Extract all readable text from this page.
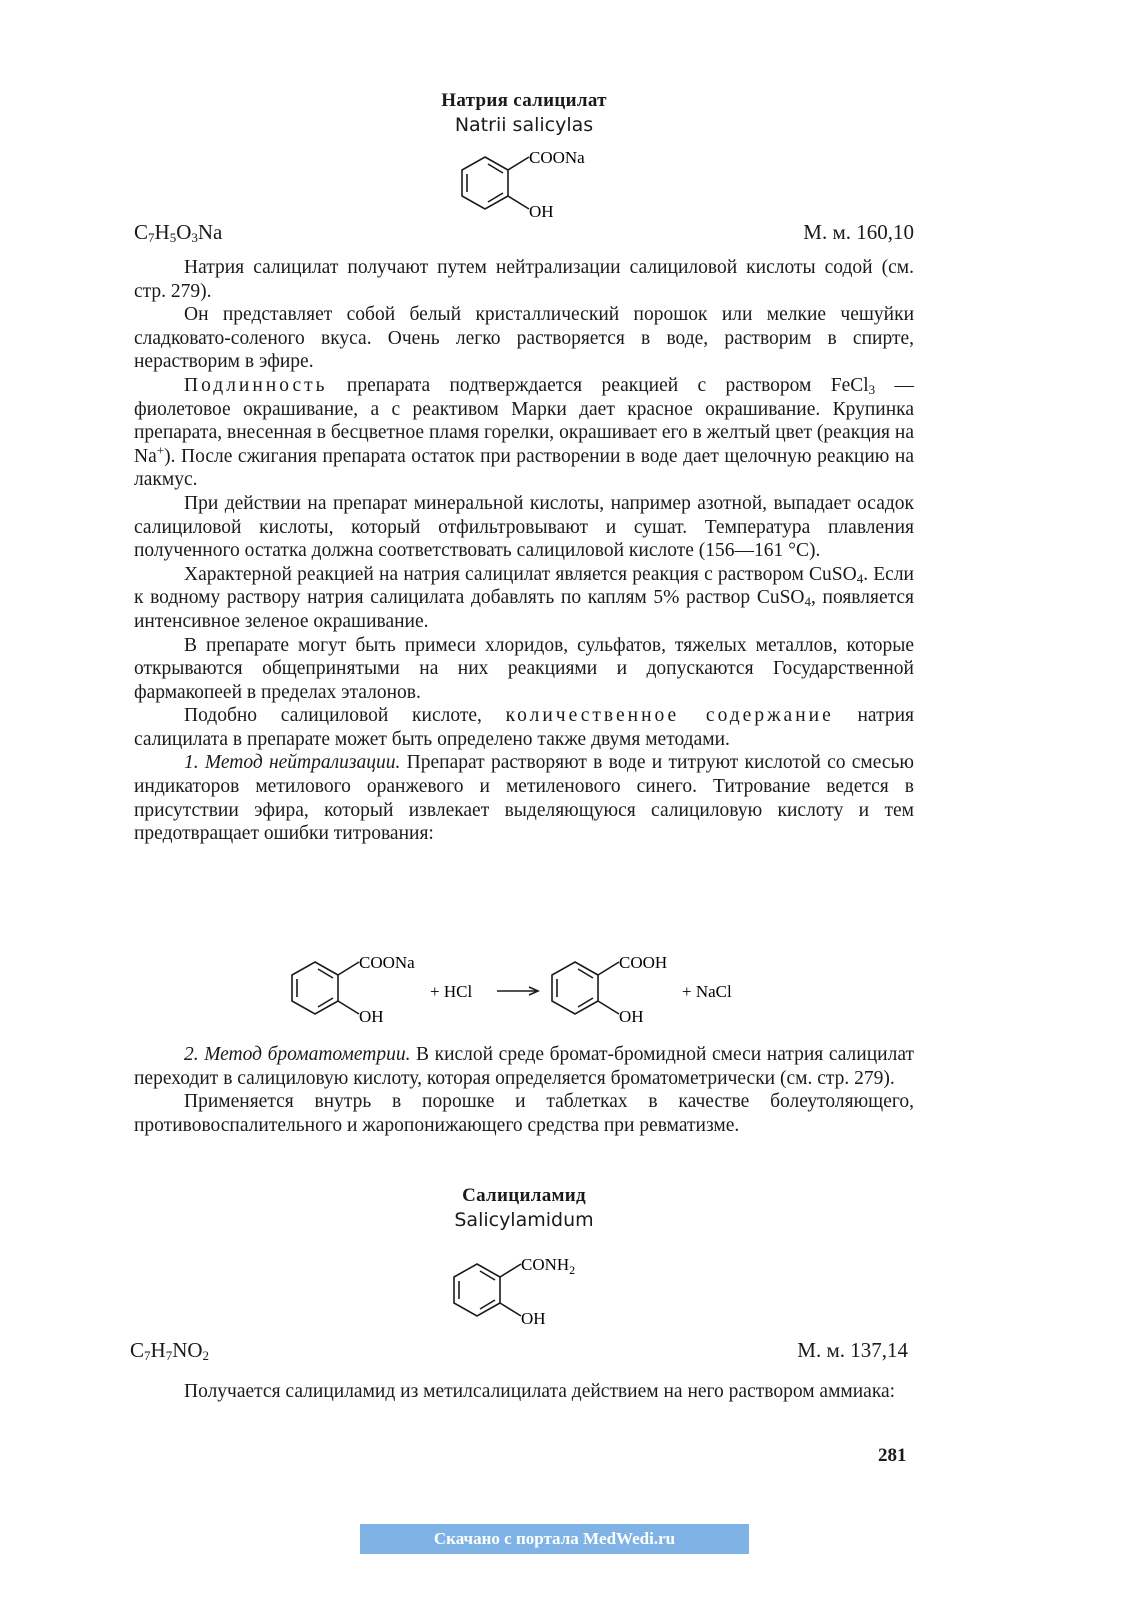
Натрия салицилат
Natrii salicylas
COONa
OH
$C_7H_5O_3Na$	М. м. 160,10

Натрия салицилат получают путем нейтрализации салициловой кислоты содой (см. стр. 279).

Он представляет собой белый кристаллический порошок или мелкие чешуйки сладковато-соленого вкуса. Очень легко растворяется в воде, растворим в спирте, нерастворим в эфире.

Подлинность препарата подтверждается реакцией с раствором FeCl$_3$ — фиолетовое окрашивание, а с реактивом Марки дает красное окрашивание. Крупинка препарата, внесенная в бесцветное пламя горелки, окрашивает его в желтый цвет (реакция на Na+). После сжигания препарата остаток при растворении в воде дает щелочную реакцию на лакмус.

При действии на препарат минеральной кислоты, например азотной, выпадает осадок салициловой кислоты, который отфильтровывают и сушат. Температура плавления полученного остатка должна соответствовать салициловой кислоте (156—161 °С).

Характерной реакцией на натрия салицилат является реакция с раствором CuSO$_4$. Если к водному раствору натрия салицилата добавлять по каплям 5% раствор CuSO$_4$, появляется интенсивное зеленое окрашивание.

В препарате могут быть примеси хлоридов, сульфатов, тяжелых металлов, которые открываются общепринятыми на них реакциями и допускаются Государственной фармакопеей в пределах эталонов.

Подобно салициловой кислоте, количественное содержание натрия салицилата в препарате может быть определено также двумя методами.

1. Метод нейтрализации. Препарат растворяют в воде и титруют кислотой со смесью индикаторов метилового оранжевого и метиленового синего. Титрование ведется в присутствии эфира, который извлекает выделяющуюся салициловую кислоту и тем предотвращает ошибки титрования:

COONa
OH
+ HCl
COOH
OH
+ NaCl

2. Метод броматометрии. В кислой среде бромат-бромидной смеси натрия салицилат переходит в салициловую кислоту, которая определяется броматометрически (см. стр. 279).

Применяется внутрь в порошке и таблетках в качестве болеутоляющего, противовоспалительного и жаропонижающего средства при ревматизме.

Салициламид
Salicylamidum
$CONH_2$
OH
$C_7H_7NO_2$	М. м. 137,14

Получается салициламид из метилсалицилата действием на него раствором аммиака:

281
Скачано с портала MedWedi.ru
